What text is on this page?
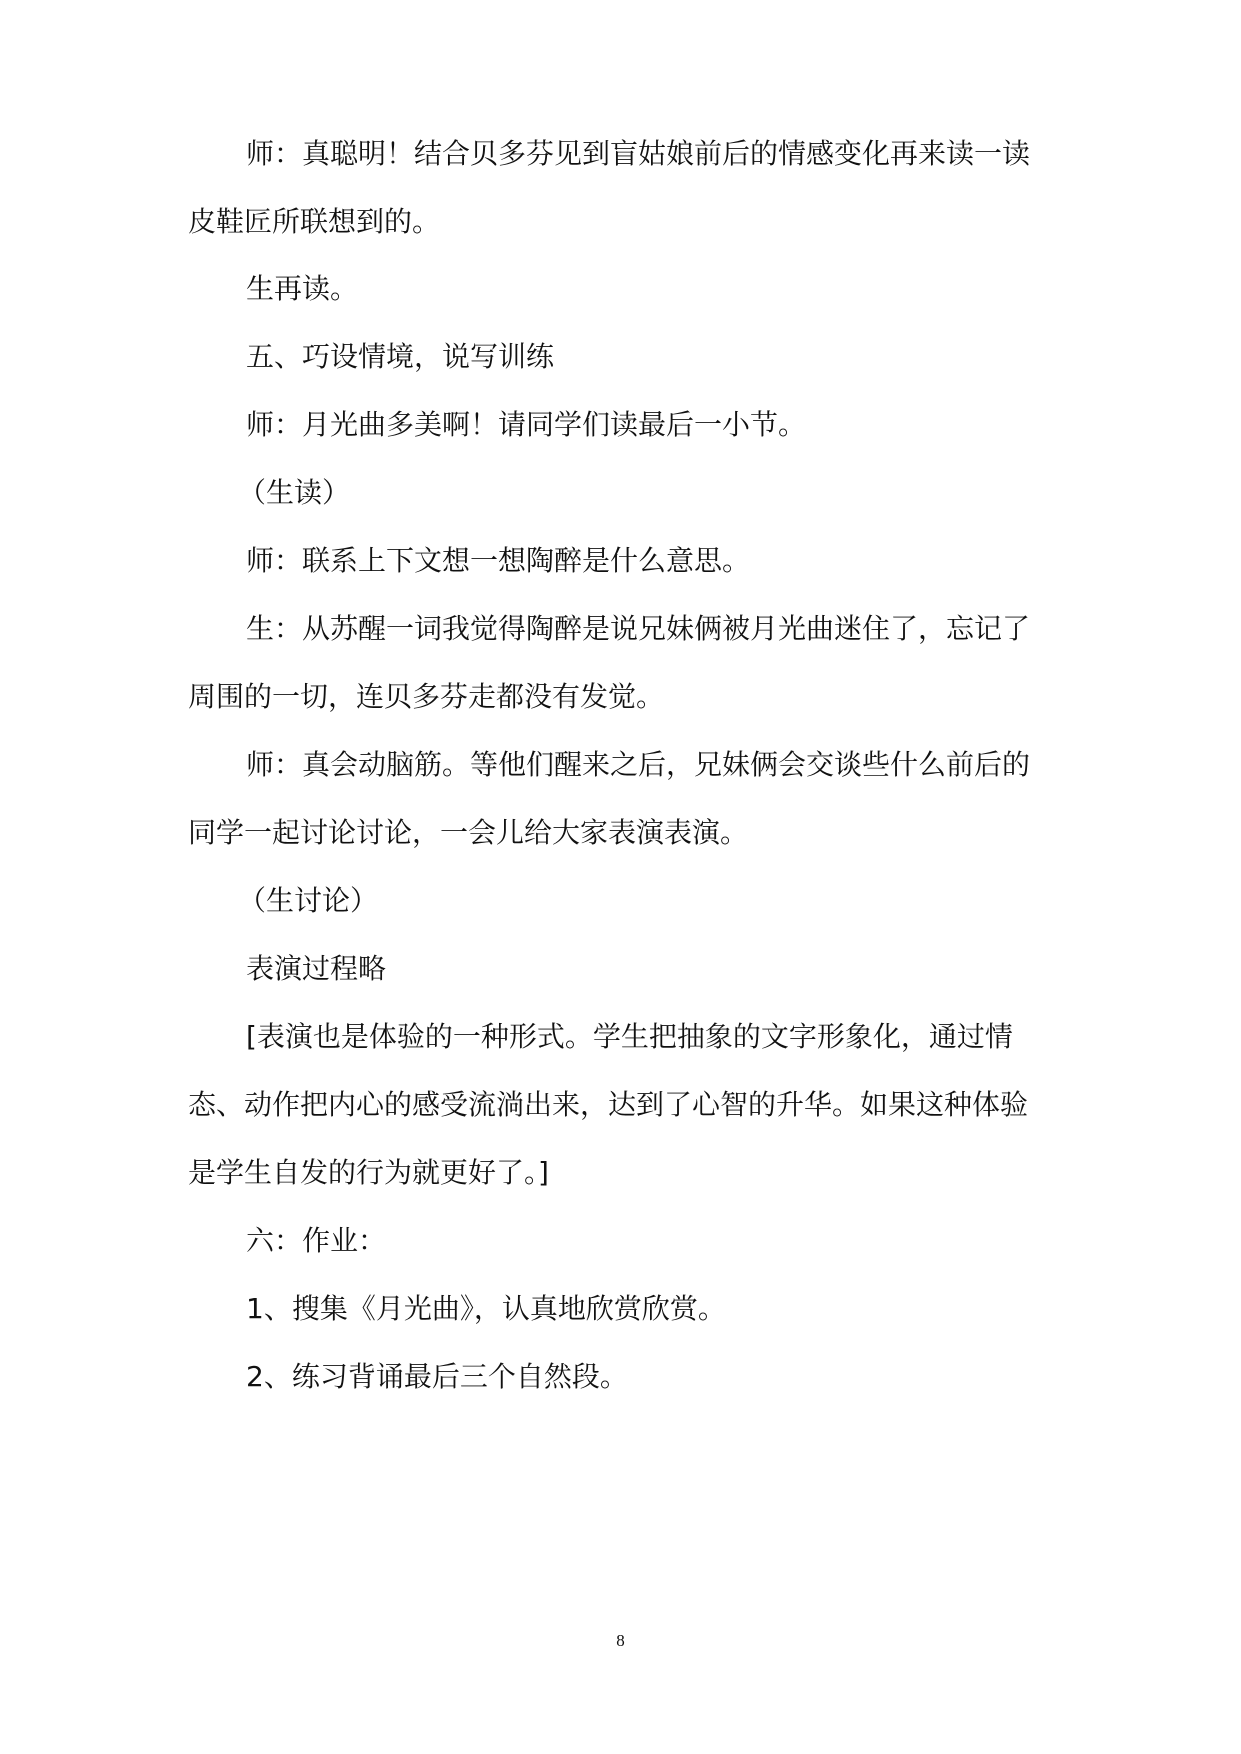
师：真聪明！结合贝多芬见到盲姑娘前后的情感变化再来读一读

皮鞋匠所联想到的。

生再读。

五、巧设情境，说写训练

师：月光曲多美啊！请同学们读最后一小节。

（生读）

师：联系上下文想一想陶醉是什么意思。

生：从苏醒一词我觉得陶醉是说兄妹俩被月光曲迷住了，忘记了

周围的一切，连贝多芬走都没有发觉。

师：真会动脑筋。等他们醒来之后，兄妹俩会交谈些什么前后的

同学一起讨论讨论，一会儿给大家表演表演。

（生讨论）

表演过程略

[表演也是体验的一种形式。学生把抽象的文字形象化，通过情

态、动作把内心的感受流淌出来，达到了心智的升华。如果这种体验
是学生自发的行为就更好了。]

六：作业：

1、搜集《月光曲》，认真地欣赏欣赏。

2、练习背诵最后三个自然段。

8
